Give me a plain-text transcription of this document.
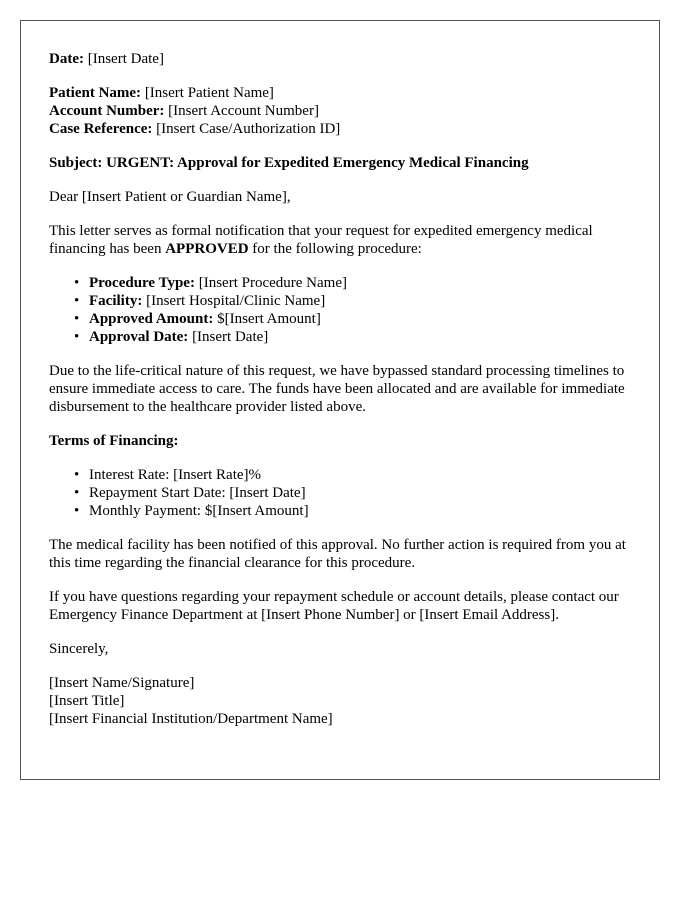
Date: [Insert Date]
Patient Name: [Insert Patient Name]
Account Number: [Insert Account Number]
Case Reference: [Insert Case/Authorization ID]
Subject: URGENT: Approval for Expedited Emergency Medical Financing
Dear [Insert Patient or Guardian Name],
This letter serves as formal notification that your request for expedited emergency medical financing has been APPROVED for the following procedure:
• Procedure Type: [Insert Procedure Name]
• Facility: [Insert Hospital/Clinic Name]
• Approved Amount: $[Insert Amount]
• Approval Date: [Insert Date]
Due to the life-critical nature of this request, we have bypassed standard processing timelines to ensure immediate access to care. The funds have been allocated and are available for immediate disbursement to the healthcare provider listed above.
Terms of Financing:
• Interest Rate: [Insert Rate]%
• Repayment Start Date: [Insert Date]
• Monthly Payment: $[Insert Amount]
The medical facility has been notified of this approval. No further action is required from you at this time regarding the financial clearance for this procedure.
If you have questions regarding your repayment schedule or account details, please contact our Emergency Finance Department at [Insert Phone Number] or [Insert Email Address].
Sincerely,
[Insert Name/Signature]
[Insert Title]
[Insert Financial Institution/Department Name]
